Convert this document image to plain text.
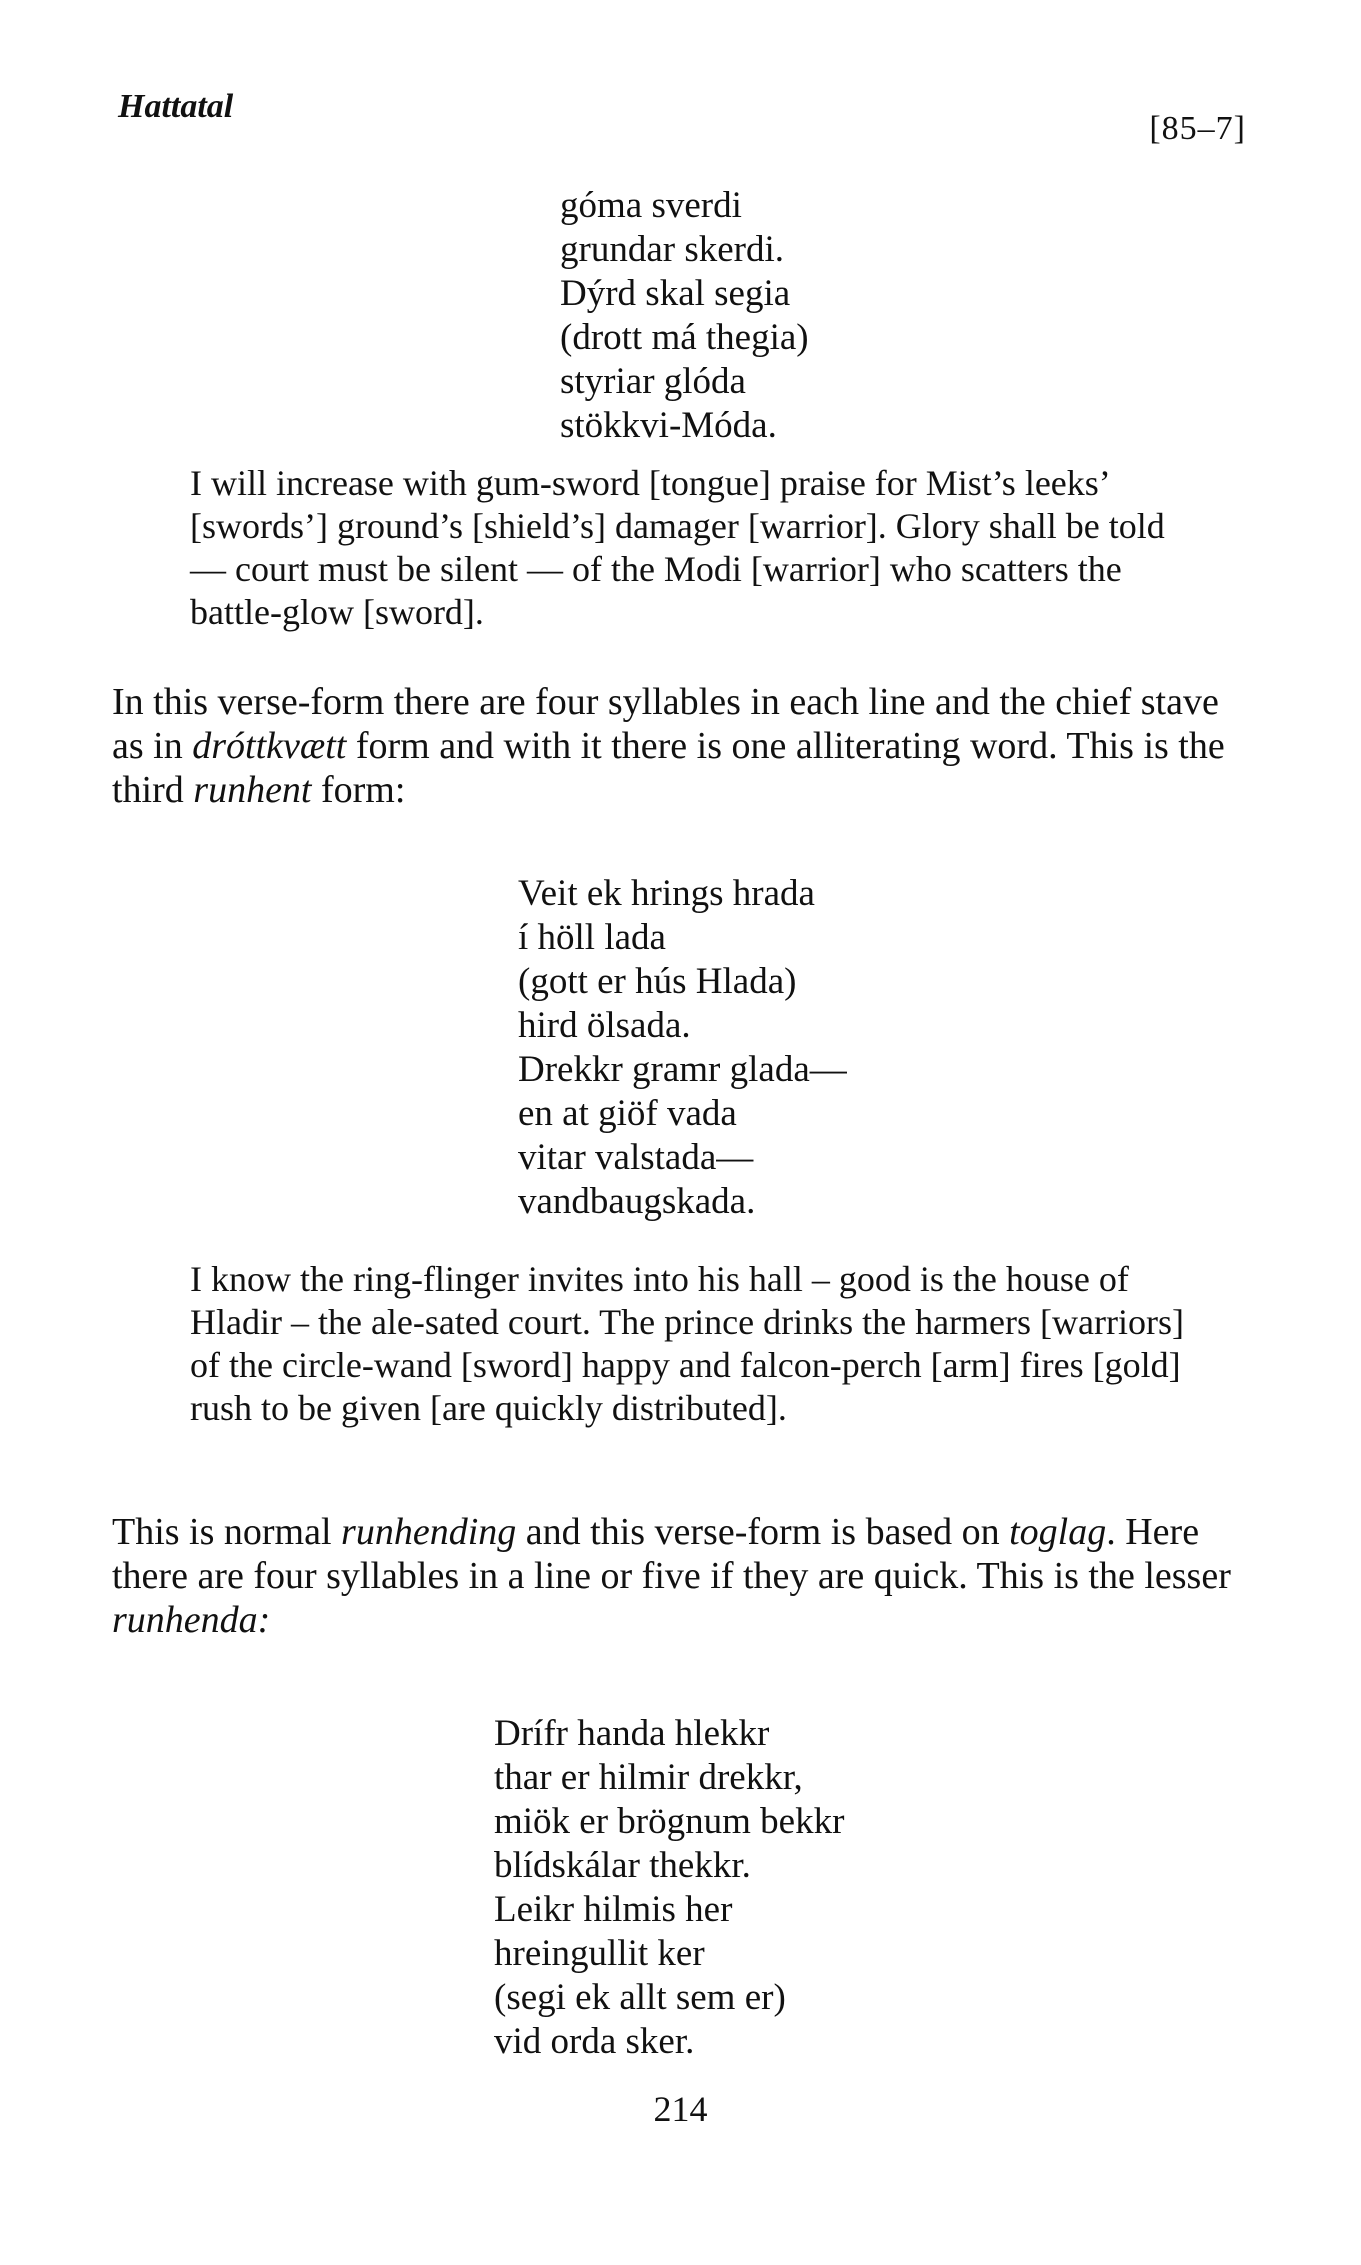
Hattatal
[85–7]
góma sverdi
grundar skerdi.
Dýrd skal segia
(drott má thegia)
styriar glóda
stökkvi-Móda.

I will increase with gum-sword [tongue] praise for Mist’s leeks’ [swords’] ground’s [shield’s] damager [warrior]. Glory shall be told — court must be silent — of the Modi [warrior] who scatters the battle-glow [sword].

In this verse-form there are four syllables in each line and the chief stave as in dróttkvætt form and with it there is one alliterating word. This is the third runhent form:

Veit ek hrings hrada
í höll lada
(gott er hús Hlada)
hird ölsada.
Drekkr gramr glada—
en at giöf vada
vitar valstada—
vandbaugskada.

I know the ring-flinger invites into his hall – good is the house of Hladir – the ale-sated court. The prince drinks the harmers [warriors] of the circle-wand [sword] happy and falcon-perch [arm] fires [gold] rush to be given [are quickly distributed].

This is normal runhending and this verse-form is based on toglag. Here there are four syllables in a line or five if they are quick. This is the lesser runhenda:

Drífr handa hlekkr
thar er hilmir drekkr,
miök er brögnum bekkr
blídskálar thekkr.
Leikr hilmis her
hreingullit ker
(segi ek allt sem er)
vid orda sker.
214
